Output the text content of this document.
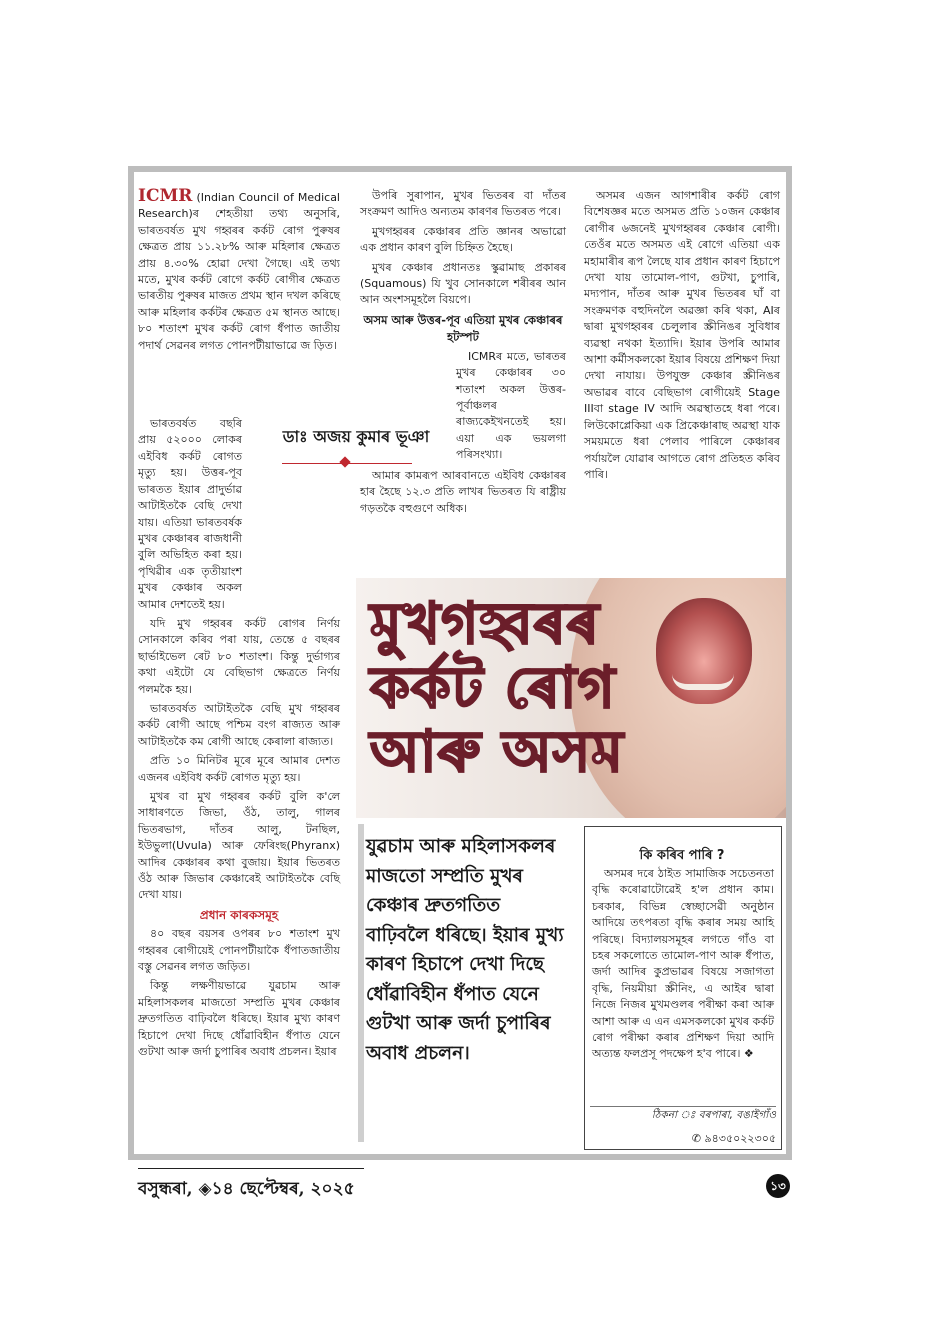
ICMR (Indian Council of Medical Research)ৰ শেহতীয়া তথ্য অনুসৰি, ভাৰতবৰ্ষত মুখ গহ্বৰৰ কৰ্কট ৰোগ পুৰুষৰ ক্ষেত্ৰত প্ৰায় ১১.২৮% আৰু মহিলাৰ ক্ষেত্ৰত প্ৰায় ৪.৩০% হোৱা দেখা গৈছে। এই তথ্য মতে, মুখৰ কৰ্কট ৰোগে কৰ্কট ৰোগীৰ ক্ষেত্ৰত ভাৰতীয় পুৰুষৰ মাজত প্ৰথম স্থান দখল কৰিছে আৰু মহিলাৰ কৰ্কটৰ ক্ষেত্ৰত ৫ম স্থানত আছে। ৮০ শতাংশ মুখৰ কৰ্কট ৰোগ ধঁপাত জাতীয় পদাৰ্থ সেৱনৰ লগত পোনপটীয়াভাৱে জ ড়িত।

ভাৰতবৰ্ষত বছৰি প্ৰায় ৫২০০০ লোকৰ এইবিধ কৰ্কট ৰোগত মৃত্যু হয়। উত্তৰ-পূব ভাৰতত ইয়াৰ প্ৰাদুৰ্ভাৱ আটাইতকৈ বেছি দেখা যায়। এতিয়া ভাৰতবৰ্ষক মুখৰ কেঞ্চাৰৰ ৰাজধানী বুলি অভিহিত কৰা হয়। পৃথিৱীৰ এক তৃতীয়াংশ মুখৰ কেঞ্চাৰ অকল আমাৰ দেশতেই হয়।

যদি মুখ গহ্বৰৰ কৰ্কট ৰোগৰ নিৰ্ণয় সোনকালে কৰিব পৰা যায়, তেন্তে ৫ বছৰৰ ছাৰ্ভাইভেল ৰেট ৮০ শতাংশ। কিন্তু দুৰ্ভাগ্যৰ কথা এইটো যে বেছিভাগ ক্ষেত্ৰতে নিৰ্ণয় পলমকৈ হয়।

ভাৰতবৰ্ষত আটাইতকৈ বেছি মুখ গহ্বৰৰ কৰ্কট ৰোগী আছে পশ্চিম বংগ ৰাজ্যত আৰু আটাইতকৈ কম ৰোগী আছে কেৰালা ৰাজ্যত।

প্ৰতি ১০ মিনিটৰ মূৰে মূৰে আমাৰ দেশত এজনৰ এইবিধ কৰ্কট ৰোগত মৃত্যু হয়।

মুখৰ বা মুখ গহ্বৰৰ কৰ্কট বুলি ক'লে সাধাৰণতে জিভা, ওঁঠ, তালু, গালৰ ভিতৰভাগ, দাঁতৰ আলু, টনছিল, ইউভুলা(Uvula) আৰু ফেৰিংছ(Phyranx) আদিৰ কেঞ্চাৰৰ কথা বুজায়। ইয়াৰ ভিতৰত ওঁঠ আৰু জিভাৰ কেঞ্চাৰেই আটাইতকৈ বেছি দেখা যায়।

প্ৰধান কাৰকসমূহ

৪০ বছৰ বয়সৰ ওপৰৰ ৮০ শতাংশ মুখ গহ্বৰৰ ৰোগীয়েই পোনপটীয়াকৈ ধঁপাতজাতীয় বস্তু সেৱনৰ লগত জড়িত।

কিন্তু লক্ষণীয়ভাৱে যুৱচাম আৰু মহিলাসকলৰ মাজতো সম্প্ৰতি মুখৰ কেঞ্চাৰ দ্ৰুতগতিত বাঢ়িবলৈ ধৰিছে। ইয়াৰ মুখ্য কাৰণ হিচাপে দেখা দিছে ধোঁৱাবিহীন ধঁপাত যেনে গুটখা আৰু জৰ্দা চুপাৰিৰ অবাধ প্ৰচলন। ইয়াৰ

উপৰি সুৰাপান, মুখৰ ভিতৰৰ বা দাঁতৰ সংক্ৰমণ আদিও অন্যতম কাৰণৰ ভিতৰত পৰে।

মুখগহ্বৰৰ কেঞ্চাৰৰ প্ৰতি জ্ঞানৰ অভাৱো এক প্ৰধান কাৰণ বুলি চিহ্নিত হৈছে।

মুখৰ কেঞ্চাৰ প্ৰধানতঃ স্কুৱামাছ প্ৰকাৰৰ (Squamous) যি খুব সোনকালে শৰীৰৰ আন আন অংশসমূহলৈ বিয়পে।

অসম আৰু উত্তৰ-পূব এতিয়া মুখৰ কেঞ্চাৰৰ হটস্পট

ICMRৰ মতে, ভাৰতৰ মুখৰ কেঞ্চাৰৰ ৩০ শতাংশ অকল উত্তৰ-পূৰ্বাঞ্চলৰ ৰাজ্যকেইখনতেই হয়। এয়া এক ভয়লগা পৰিসংখ্যা।

আমাৰ কামৰূপ আৰবানতে এইবিধ কেঞ্চাৰৰ হাৰ হৈছে ১২.৩ প্ৰতি লাখৰ ভিতৰত যি ৰাষ্ট্ৰীয় গড়তকৈ বহুগুণে অধিক।

ডাঃ অজয় কুমাৰ ভূঞা

অসমৰ এজন আগশাৰীৰ কৰ্কট ৰোগ বিশেষজ্ঞৰ মতে অসমত প্ৰতি ১০জন কেঞ্চাৰ ৰোগীৰ ৬জনেই মুখগহ্বৰৰ কেঞ্চাৰ ৰোগী। তেওঁৰ মতে অসমত এই ৰোগে এতিয়া এক মহামাৰীৰ ৰূপ লৈছে যাৰ প্ৰধান কাৰণ হিচাপে দেখা যায় তামোল-পাণ, গুটখা, চুপাৰি, মদ্যপান, দাঁতৰ আৰু মুখৰ ভিতৰৰ ঘাঁ বা সংক্ৰমণক বহুদিনলৈ অৱজ্ঞা কৰি থকা, AIৰ দ্বাৰা মুখগহ্বৰৰ চেলুলাৰ স্ক্ৰীনিঙৰ সুবিধাৰ ব্যৱস্থা নথকা ইত্যাদি। ইয়াৰ উপৰি আমাৰ আশা কৰ্মীসকলকো ইয়াৰ বিষয়ে প্ৰশিক্ষণ দিয়া দেখা নাযায়। উপযুক্ত কেঞ্চাৰ স্ক্ৰীনিঙৰ অভাৱৰ বাবে বেছিভাগ ৰোগীয়েই Stage IIIবা stage IV আদি অৱস্থাতহে ধৰা পৰে। লিউকোপ্লেকিয়া এক প্ৰিকেঞ্চাৰাছ অৱস্থা যাক সময়মতে ধৰা পেলাব পাৰিলে কেঞ্চাৰৰ পৰ্যায়লৈ যোৱাৰ আগতে ৰোগ প্ৰতিহত কৰিব পাৰি।

মুখগহ্বৰৰ
কৰ্কট ৰোগ
আৰু অসম
যুৱচাম আৰু মহিলাসকলৰ মাজতো সম্প্ৰতি মুখৰ কেঞ্চাৰ দ্ৰুতগতিত বাঢ়িবলৈ ধৰিছে। ইয়াৰ মুখ্য কাৰণ হিচাপে দেখা দিছে ধোঁৱাবিহীন ধঁপাত যেনে গুটখা আৰু জৰ্দা চুপাৰিৰ অবাধ প্ৰচলন।
কি কৰিব পাৰি ?

অসমৰ দৰে ঠাইত সামাজিক সচেতনতা বৃদ্ধি কৰোৱাটোৱেই হ'ল প্ৰধান কাম। চৰকাৰ, বিভিন্ন স্বেচ্ছাসেৱী অনুষ্ঠান আদিয়ে তৎপৰতা বৃদ্ধি কৰাৰ সময় আহি পৰিছে। বিদ্যালয়সমূহৰ লগতে গাঁও বা চহৰ সকলোতে তামোল-পাণ আৰু ধঁপাত, জৰ্দা আদিৰ কুপ্ৰভাৱৰ বিষয়ে সজাগতা বৃদ্ধি, নিয়মীয়া স্ক্ৰীনিং, এ আইৰ দ্বাৰা নিজে নিজৰ মুখমণ্ডলৰ পৰীক্ষা কৰা আৰু আশা আৰু এ এন এমসকলকো মুখৰ কৰ্কট ৰোগ পৰীক্ষা কৰাৰ প্ৰশিক্ষণ দিয়া আদি অত্যন্ত ফলপ্ৰসূ পদক্ষেপ হ'ব পাৰে। ❖

ঠিকনা ঃ বৰপাৰা, বঙাইগাঁও
✆ ৯৪৩৫০২২৩০৫
বসুন্ধৰা, ◈১৪ ছেপ্টেম্বৰ, ২০২৫	১৩
